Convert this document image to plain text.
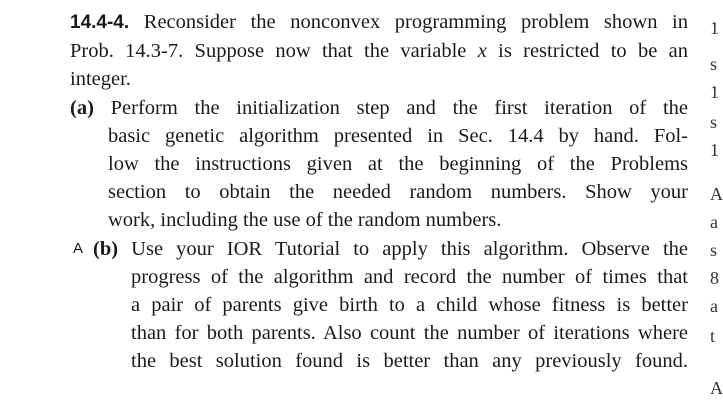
14.4-4. Reconsider the nonconvex programming problem shown in
Prob. 14.3-7. Suppose now that the variable x is restricted to be an
integer.
(a) Perform the initialization step and the first iteration of the
basic genetic algorithm presented in Sec. 14.4 by hand. Fol-
low the instructions given at the beginning of the Problems
section to obtain the needed random numbers. Show your
work, including the use of the random numbers.
(b) Use your IOR Tutorial to apply this algorithm. Observe the
progress of the algorithm and record the number of times that
a pair of parents give birth to a child whose fitness is better
than for both parents. Also count the number of iterations where
the best solution found is better than any previously found.
A
1
s
1
s
1
A
a
s
8
a
t
A
